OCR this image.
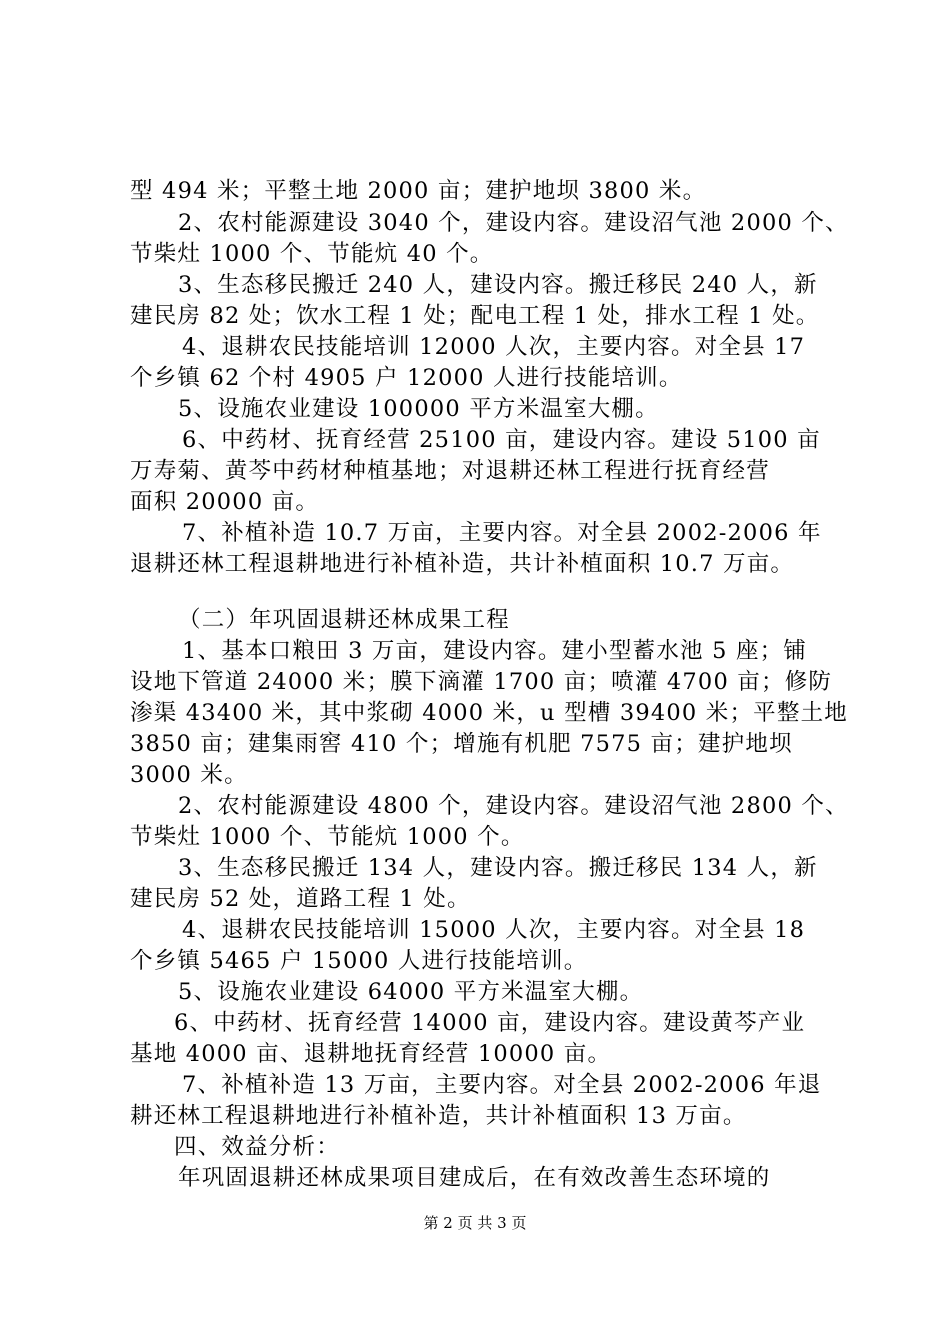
型 494 米；平整土地 2000 亩；建护地坝 3800 米。
2、农村能源建设 3040 个，建设内容。建设沼气池 2000 个、
节柴灶 1000 个、节能炕 40 个。
3、生态移民搬迁 240 人，建设内容。搬迁移民 240 人，新
建民房 82 处；饮水工程 1 处；配电工程 1 处，排水工程 1 处。
4、退耕农民技能培训 12000 人次，主要内容。对全县 17
个乡镇 62 个村 4905 户 12000 人进行技能培训。
5、设施农业建设 100000 平方米温室大棚。
6、中药材、抚育经营 25100 亩，建设内容。建设 5100 亩
万寿菊、黄芩中药材种植基地；对退耕还林工程进行抚育经营
面积 20000 亩。
7、补植补造 10.7 万亩，主要内容。对全县 2002-2006 年
退耕还林工程退耕地进行补植补造，共计补植面积 10.7 万亩。
（二）年巩固退耕还林成果工程
1、基本口粮田 3 万亩，建设内容。建小型蓄水池 5 座；铺
设地下管道 24000 米；膜下滴灌 1700 亩；喷灌 4700 亩；修防
渗渠 43400 米，其中浆砌 4000 米，u 型槽 39400 米；平整土地
3850 亩；建集雨窖 410 个；增施有机肥 7575 亩；建护地坝
3000 米。
2、农村能源建设 4800 个，建设内容。建设沼气池 2800 个、
节柴灶 1000 个、节能炕 1000 个。
3、生态移民搬迁 134 人，建设内容。搬迁移民 134 人，新
建民房 52 处，道路工程 1 处。
4、退耕农民技能培训 15000 人次，主要内容。对全县 18
个乡镇 5465 户 15000 人进行技能培训。
5、设施农业建设 64000 平方米温室大棚。
6、中药材、抚育经营 14000 亩，建设内容。建设黄芩产业
基地 4000 亩、退耕地抚育经营 10000 亩。
7、补植补造 13 万亩，主要内容。对全县 2002-2006 年退
耕还林工程退耕地进行补植补造，共计补植面积 13 万亩。
四、效益分析：
年巩固退耕还林成果项目建成后，在有效改善生态环境的
第 2 页 共 3 页
